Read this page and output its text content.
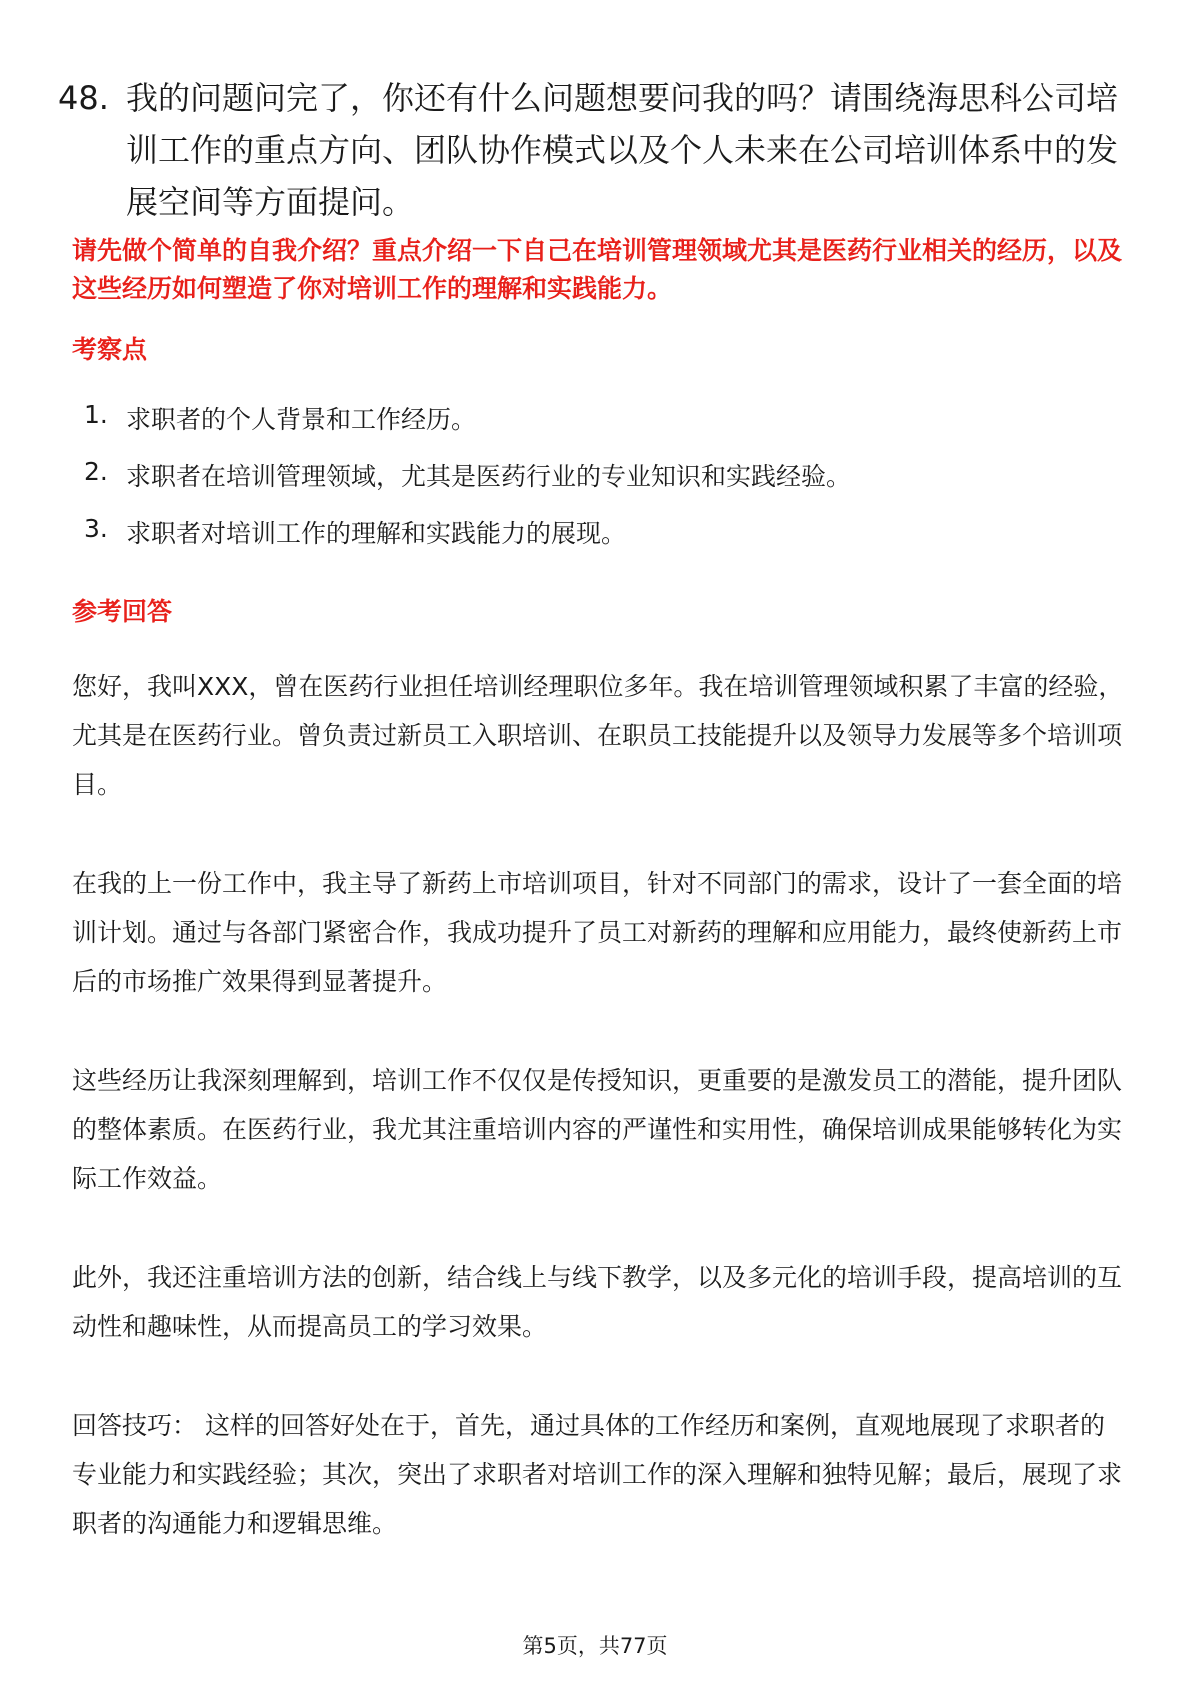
48. 我的问题问完了，你还有什么问题想要问我的吗？请围绕海思科公司培训工作的重点方向、团队协作模式以及个人未来在公司培训体系中的发展空间等方面提问。
请先做个简单的自我介绍？重点介绍一下自己在培训管理领域尤其是医药行业相关的经历，以及这些经历如何塑造了你对培训工作的理解和实践能力。
考察点
1. 求职者的个人背景和工作经历。
2. 求职者在培训管理领域，尤其是医药行业的专业知识和实践经验。
3. 求职者对培训工作的理解和实践能力的展现。
参考回答

您好，我叫XXX，曾在医药行业担任培训经理职位多年。我在培训管理领域积累了丰富的经验，尤其是在医药行业。曾负责过新员工入职培训、在职员工技能提升以及领导力发展等多个培训项目。

在我的上一份工作中，我主导了新药上市培训项目，针对不同部门的需求，设计了一套全面的培训计划。通过与各部门紧密合作，我成功提升了员工对新药的理解和应用能力，最终使新药上市后的市场推广效果得到显著提升。

这些经历让我深刻理解到，培训工作不仅仅是传授知识，更重要的是激发员工的潜能，提升团队的整体素质。在医药行业，我尤其注重培训内容的严谨性和实用性，确保培训成果能够转化为实际工作效益。

此外，我还注重培训方法的创新，结合线上与线下教学，以及多元化的培训手段，提高培训的互动性和趣味性，从而提高员工的学习效果。

回答技巧： 这样的回答好处在于，首先，通过具体的工作经历和案例，直观地展现了求职者的专业能力和实践经验；其次，突出了求职者对培训工作的深入理解和独特见解；最后，展现了求职者的沟通能力和逻辑思维。

第5页，共77页
